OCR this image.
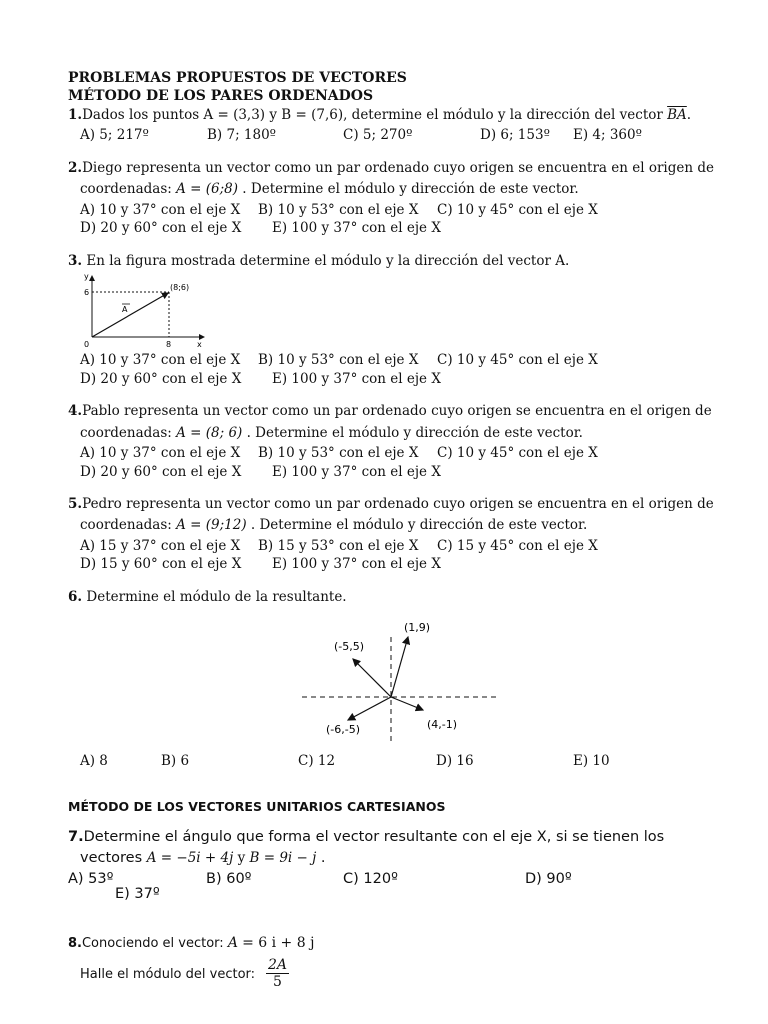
PROBLEMAS PROPUESTOS DE VECTORES
MÉTODO DE LOS PARES ORDENADOS
1.Dados los puntos A = (3,3) y B = (7,6), determine el módulo y la dirección del vector $\overline{BA}$.
A) 5; 217º	B) 7; 180º	C) 5; 270º	D) 6; 153º E) 4; 360º
2.Diego representa un vector como un par ordenado cuyo origen se encuentra en el origen de
coordenadas: A = (6;8) . Determine el módulo y dirección de este vector.
A) 10 y 37° con el eje X B) 10 y 53° con el eje X C) 10 y 45° con el eje X
D) 20 y 60° con el eje X E) 100 y 37° con el eje X
3. En la figura mostrada determine el módulo y la dirección del vector A.
y
x
6
8
0
(8;6)
A
A) 10 y 37° con el eje X B) 10 y 53° con el eje X C) 10 y 45° con el eje X
D) 20 y 60° con el eje X E) 100 y 37° con el eje X
4.Pablo representa un vector como un par ordenado cuyo origen se encuentra en el origen de
coordenadas: A = (8; 6) . Determine el módulo y dirección de este vector.
A) 10 y 37° con el eje X B) 10 y 53° con el eje X C) 10 y 45° con el eje X
D) 20 y 60° con el eje X E) 100 y 37° con el eje X
5.Pedro representa un vector como un par ordenado cuyo origen se encuentra en el origen de
coordenadas: A = (9;12) . Determine el módulo y dirección de este vector.
A) 15 y 37° con el eje X B) 15 y 53° con el eje X C) 15 y 45° con el eje X
D) 15 y 60° con el eje X E) 100 y 37° con el eje X
6. Determine el módulo de la resultante.
(1,9)
(-5,5)
(-6,-5)	(4,-1)
A) 8	B) 6	C) 12	D) 16	E) 10
MÉTODO DE LOS VECTORES UNITARIOS CARTESIANOS
7.Determine el ángulo que forma el vector resultante con el eje X, si se tienen los
vectores A = −5i + 4j y B = 9i − j .
A) 53º	B) 60º	C) 120º	D) 90º
E) 37º
8.Conociendo el vector: A = 6 i + 8 j
Halle el módulo del vector: $\frac{2A}{5}$
